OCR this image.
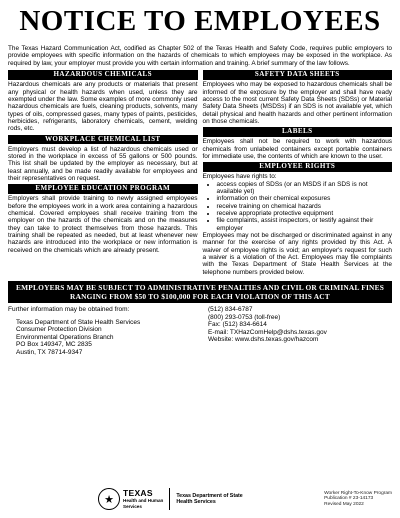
NOTICE TO EMPLOYEES
The Texas Hazard Communication Act, codified as Chapter 502 of the Texas Health and Safety Code, requires public employers to provide employees with specific information on the hazards of chemicals to which employees may be exposed in the workplace. As required by law, your employer must provide you with certain information and training. A brief summary of the law follows.
HAZARDOUS CHEMICALS
Hazardous chemicals are any products or materials that present any physical or health hazards when used, unless they are exempted under the law. Some examples of more commonly used hazardous chemicals are fuels, cleaning products, solvents, many types of oils, compressed gases, many types of paints, pesticides, herbicides, refrigerants, laboratory chemicals, cement, welding rods, etc.
WORKPLACE CHEMICAL LIST
Employers must develop a list of hazardous chemicals used or stored in the workplace in excess of 55 gallons or 500 pounds. This list shall be updated by the employer as necessary, but at least annually, and be made readily available for employees and their representatives on request.
EMPLOYEE EDUCATION PROGRAM
Employers shall provide training to newly assigned employees before the employees work in a work area containing a hazardous chemical. Covered employees shall receive training from the employer on the hazards of the chemicals and on the measures they can take to protect themselves from those hazards. This training shall be repeated as needed, but at least whenever new hazards are introduced into the workplace or new information is received on the chemicals which are already present.
SAFETY DATA SHEETS
Employees who may be exposed to hazardous chemicals shall be informed of the exposure by the employer and shall have ready access to the most current Safety Data Sheets (SDSs) or Material Safety Data Sheets (MSDSs) if an SDS is not available yet, which detail physical and health hazards and other pertinent information on those chemicals.
LABELS
Employees shall not be required to work with hazardous chemicals from unlabeled containers except portable containers for immediate use, the contents of which are known to the user.
EMPLOYEE RIGHTS
Employees have rights to:
• access copies of SDSs (or an MSDS if an SDS is not available yet)
• information on their chemical exposures
• receive training on chemical hazards
• receive appropriate protective equipment
• file complaints, assist inspectors, or testify against their employer
Employees may not be discharged or discriminated against in any manner for the exercise of any rights provided by this Act. A waiver of employee rights is void; an employer's request for such a waiver is a violation of the Act. Employees may file complaints with the Texas Department of State Health Services at the telephone numbers provided below.
EMPLOYERS MAY BE SUBJECT TO ADMINISTRATIVE PENALTIES AND CIVIL OR CRIMINAL FINES RANGING FROM $50 TO $100,000 FOR EACH VIOLATION OF THIS ACT
Further information may be obtained from:
Texas Department of State Health Services
Consumer Protection Division
Environmental Operations Branch
PO Box 149347, MC 2835
Austin, TX 78714-9347
(512) 834-6787
(800) 293-0753 (toll-free)
Fax: (512) 834-6614
E-mail: TXHazComHelp@dshs.texas.gov
Website: www.dshs.texas.gov/hazcom
★
TEXAS
Health and Human
Services
Texas Department of State
Health Services
Worker Right-To-Know Program
Publication # 23-14173
Revised May 2022
